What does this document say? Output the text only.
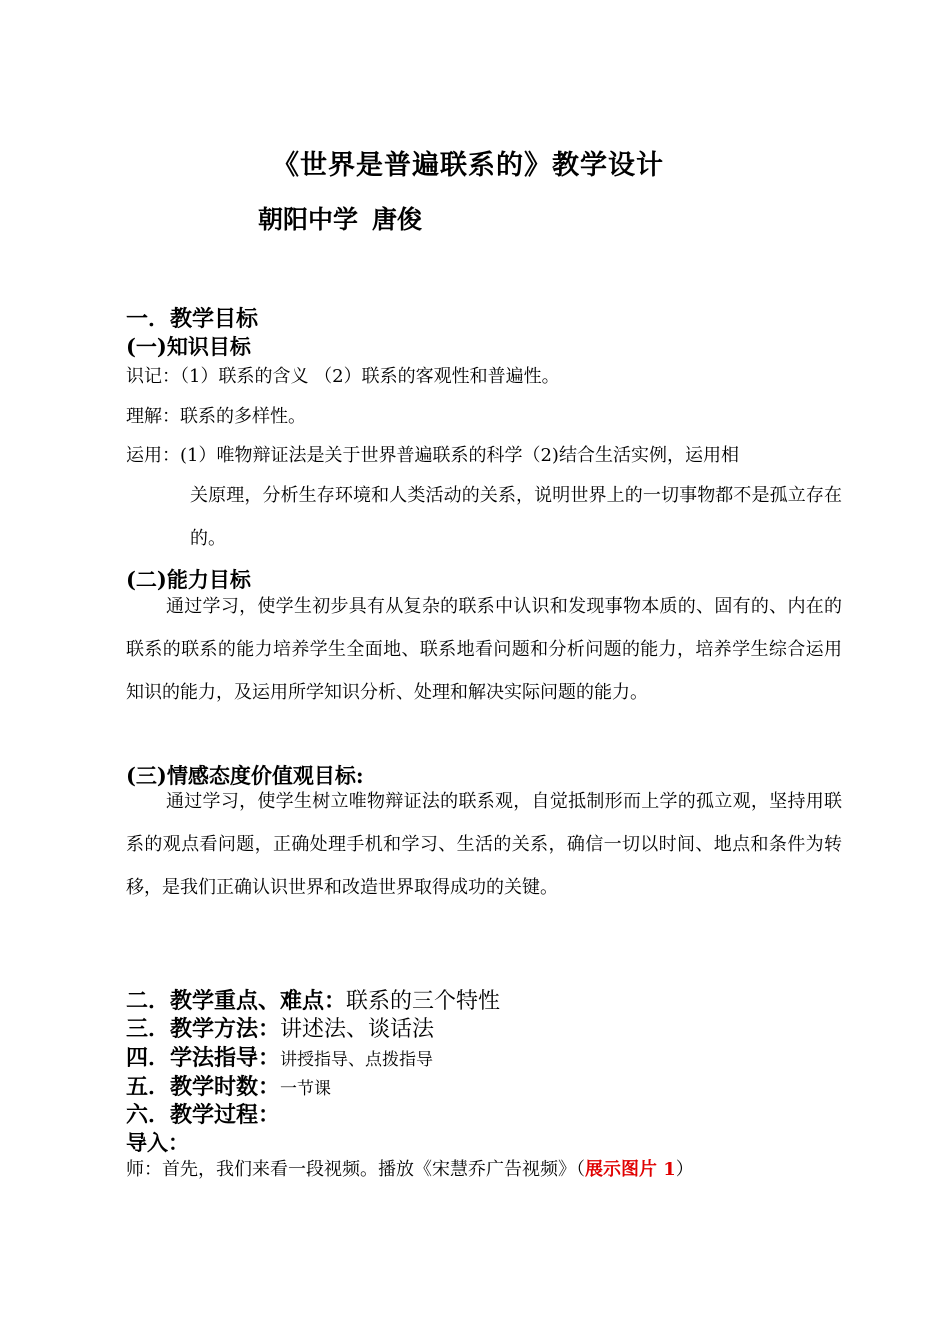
《世界是普遍联系的》教学设计
朝阳中学 唐俊
一．教学目标
(一)知识目标
识记：（1）联系的含义 （2）联系的客观性和普遍性。
理解：联系的多样性。
运用：(1）唯物辩证法是关于世界普遍联系的科学（2)结合生活实例，运用相
关原理，分析生存环境和人类活动的关系，说明世界上的一切事物都不是孤立存在的。
(二)能力目标
通过学习，使学生初步具有从复杂的联系中认识和发现事物本质的、固有的、内在的联系的联系的能力培养学生全面地、联系地看问题和分析问题的能力，培养学生综合运用知识的能力，及运用所学知识分析、处理和解决实际问题的能力。
(三)情感态度价值观目标:
通过学习，使学生树立唯物辩证法的联系观，自觉抵制形而上学的孤立观，坚持用联系的观点看问题，正确处理手机和学习、生活的关系，确信一切以时间、地点和条件为转移，是我们正确认识世界和改造世界取得成功的关键。
二．教学重点、难点：联系的三个特性
三．教学方法：讲述法、谈话法
四．学法指导：讲授指导、点拨指导
五．教学时数：一节课
六．教学过程：
导入：
师：首先，我们来看一段视频。播放《宋慧乔广告视频》（展示图片 1）
